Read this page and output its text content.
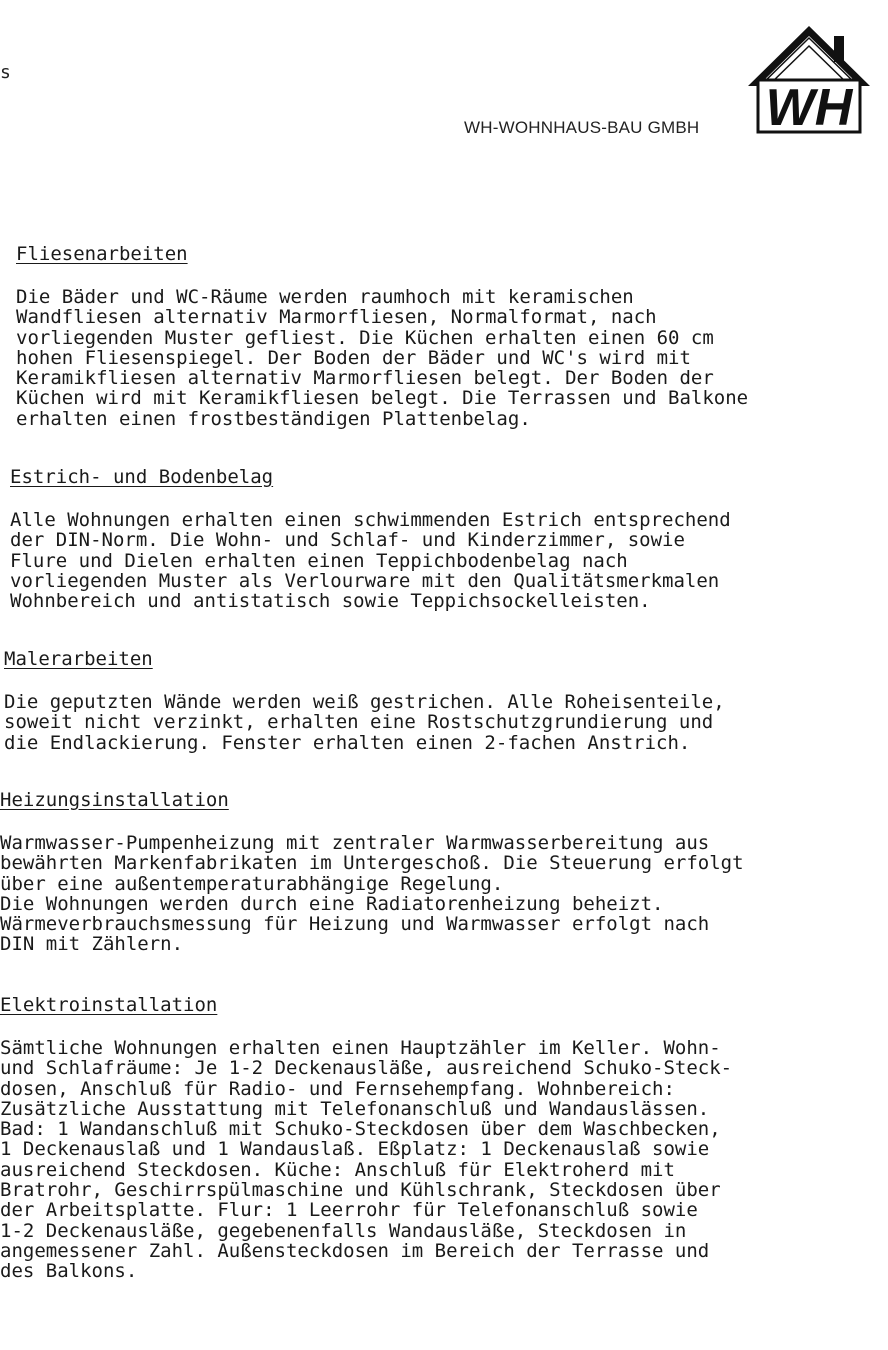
s
WH-WOHNHAUS-BAU GMBH WH
Fliesenarbeiten
Die Bäder und WC-Räume werden raumhoch mit keramischen
Wandfliesen alternativ Marmorfliesen, Normalformat, nach
vorliegenden Muster gefliest. Die Küchen erhalten einen 60 cm
hohen Fliesenspiegel. Der Boden der Bäder und WC's wird mit
Keramikfliesen alternativ Marmorfliesen belegt. Der Boden der
Küchen wird mit Keramikfliesen belegt. Die Terrassen und Balkone
erhalten einen frostbeständigen Plattenbelag.
Estrich- und Bodenbelag
Alle Wohnungen erhalten einen schwimmenden Estrich entsprechend
der DIN-Norm. Die Wohn- und Schlaf- und Kinderzimmer, sowie
Flure und Dielen erhalten einen Teppichbodenbelag nach
vorliegenden Muster als Verlourware mit den Qualitätsmerkmalen
Wohnbereich und antistatisch sowie Teppichsockelleisten.
Malerarbeiten
Die geputzten Wände werden weiß gestrichen. Alle Roheisenteile,
soweit nicht verzinkt, erhalten eine Rostschutzgrundierung und
die Endlackierung. Fenster erhalten einen 2-fachen Anstrich.
Heizungsinstallation
Warmwasser-Pumpenheizung mit zentraler Warmwasserbereitung aus
bewährten Markenfabrikaten im Untergeschoß. Die Steuerung erfolgt
über eine außentemperaturabhängige Regelung.
Die Wohnungen werden durch eine Radiatorenheizung beheizt.
Wärmeverbrauchsmessung für Heizung und Warmwasser erfolgt nach
DIN mit Zählern.
Elektroinstallation
Sämtliche Wohnungen erhalten einen Hauptzähler im Keller. Wohn-
und Schlafräume: Je 1-2 Deckenausläße, ausreichend Schuko-Steck-
dosen, Anschluß für Radio- und Fernsehempfang. Wohnbereich:
Zusätzliche Ausstattung mit Telefonanschluß und Wandauslässen.
Bad: 1 Wandanschluß mit Schuko-Steckdosen über dem Waschbecken,
1 Deckenauslaß und 1 Wandauslaß. Eßplatz: 1 Deckenauslaß sowie
ausreichend Steckdosen. Küche: Anschluß für Elektroherd mit
Bratrohr, Geschirrspülmaschine und Kühlschrank, Steckdosen über
der Arbeitsplatte. Flur: 1 Leerrohr für Telefonanschluß sowie
1-2 Deckenausläße, gegebenenfalls Wandausläße, Steckdosen in
angemessener Zahl. Außensteckdosen im Bereich der Terrasse und
des Balkons.
